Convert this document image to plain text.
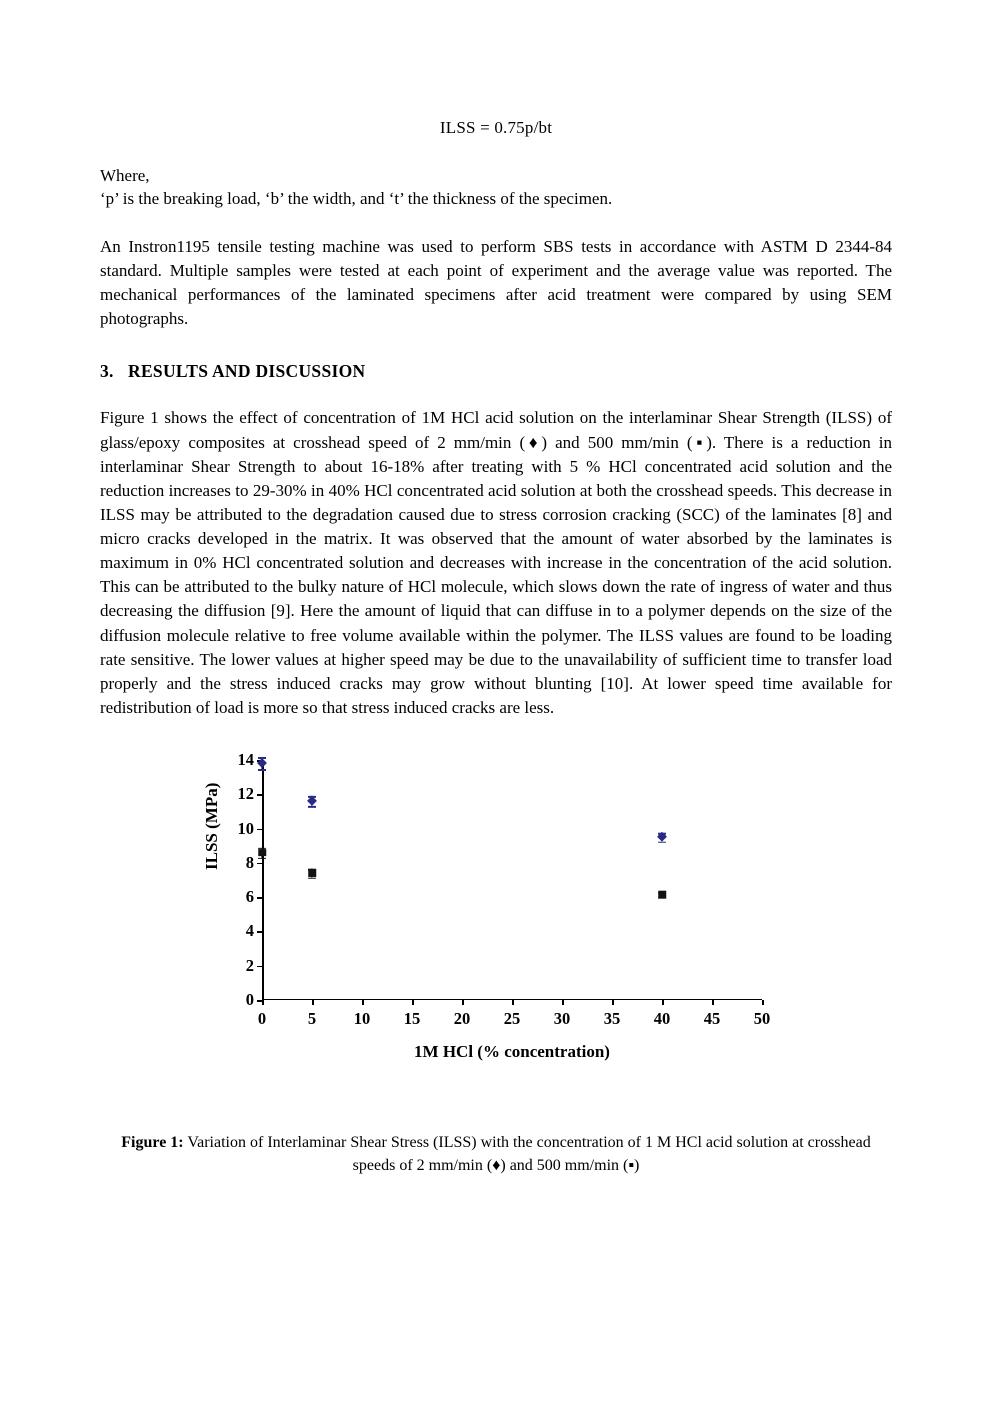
ILSS = 0.75p/bt
Where,
‘p’ is the breaking load, ‘b’ the width, and ‘t’ the thickness of the specimen.
An Instron1195 tensile testing machine was used to perform SBS tests in accordance with ASTM D 2344-84 standard. Multiple samples were tested at each point of experiment and the average value was reported. The mechanical performances of the laminated specimens after acid treatment were compared by using SEM photographs.
3. RESULTS AND DISCUSSION
Figure 1 shows the effect of concentration of 1M HCl acid solution on the interlaminar Shear Strength (ILSS) of glass/epoxy composites at crosshead speed of 2 mm/min (♦) and 500 mm/min (▪). There is a reduction in interlaminar Shear Strength to about 16-18% after treating with 5 % HCl concentrated acid solution and the reduction increases to 29-30% in 40% HCl concentrated acid solution at both the crosshead speeds. This decrease in ILSS may be attributed to the degradation caused due to stress corrosion cracking (SCC) of the laminates [8] and micro cracks developed in the matrix. It was observed that the amount of water absorbed by the laminates is maximum in 0% HCl concentrated solution and decreases with increase in the concentration of the acid solution. This can be attributed to the bulky nature of HCl molecule, which slows down the rate of ingress of water and thus decreasing the diffusion [9]. Here the amount of liquid that can diffuse in to a polymer depends on the size of the diffusion molecule relative to free volume available within the polymer. The ILSS values are found to be loading rate sensitive. The lower values at higher speed may be due to the unavailability of sufficient time to transfer load properly and the stress induced cracks may grow without blunting [10]. At lower speed time available for redistribution of load is more so that stress induced cracks are less.
ILSS (MPa)
0
2
4
6
8
10
12
14
0	5 10 15 20 25 30 35 40 45 50
1M HCl (% concentration)
Figure 1: Variation of Interlaminar Shear Stress (ILSS) with the concentration of 1 M HCl acid solution at crosshead speeds of 2 mm/min (♦) and 500 mm/min (▪)
